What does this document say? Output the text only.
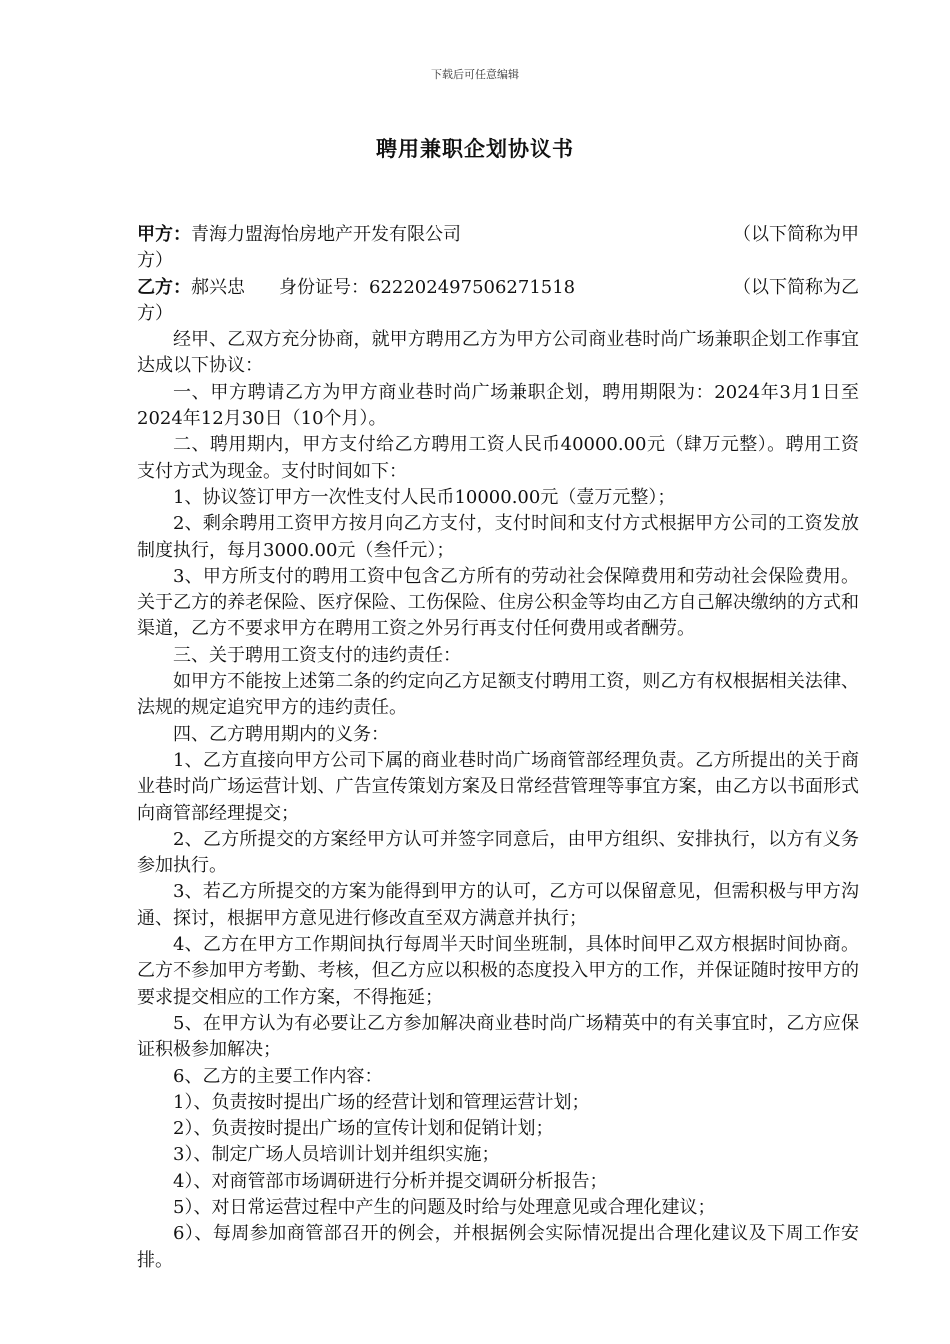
下载后可任意编辑
聘用兼职企划协议书
甲方： 青海力盟海怡房地产开发有限公司	（以下简称为甲

方）

乙方： 郝兴忠 身份证号： 622202497506271518	（以下简称为乙

方）

经甲、乙双方充分协商，就甲方聘用乙方为甲方公司商业巷时尚广场兼职企划工作事宜达成以下协议：

一、甲方聘请乙方为甲方商业巷时尚广场兼职企划，聘用期限为：2024年3月1日至2024年12月30日（10个月）。

二、聘用期内，甲方支付给乙方聘用工资人民币40000.00元（肆万元整）。聘用工资支付方式为现金。支付时间如下：

1、协议签订甲方一次性支付人民币10000.00元（壹万元整）；

2、剩余聘用工资甲方按月向乙方支付，支付时间和支付方式根据甲方公司的工资发放制度执行，每月3000.00元（叁仟元）；

3、甲方所支付的聘用工资中包含乙方所有的劳动社会保障费用和劳动社会保险费用。关于乙方的养老保险、医疗保险、工伤保险、住房公积金等均由乙方自己解决缴纳的方式和渠道，乙方不要求甲方在聘用工资之外另行再支付任何费用或者酬劳。

三、关于聘用工资支付的违约责任：

如甲方不能按上述第二条的约定向乙方足额支付聘用工资，则乙方有权根据相关法律、法规的规定追究甲方的违约责任。

四、乙方聘用期内的义务：

1、乙方直接向甲方公司下属的商业巷时尚广场商管部经理负责。乙方所提出的关于商业巷时尚广场运营计划、广告宣传策划方案及日常经营管理等事宜方案，由乙方以书面形式向商管部经理提交；

2、乙方所提交的方案经甲方认可并签字同意后，由甲方组织、安排执行，以方有义务参加执行。

3、若乙方所提交的方案为能得到甲方的认可，乙方可以保留意见，但需积极与甲方沟通、探讨，根据甲方意见进行修改直至双方满意并执行；

4、乙方在甲方工作期间执行每周半天时间坐班制，具体时间甲乙双方根据时间协商。乙方不参加甲方考勤、考核，但乙方应以积极的态度投入甲方的工作，并保证随时按甲方的要求提交相应的工作方案，不得拖延；

5、在甲方认为有必要让乙方参加解决商业巷时尚广场精英中的有关事宜时，乙方应保证积极参加解决；

6、乙方的主要工作内容：

1）、负责按时提出广场的经营计划和管理运营计划；

2）、负责按时提出广场的宣传计划和促销计划；

3）、制定广场人员培训计划并组织实施；

4）、对商管部市场调研进行分析并提交调研分析报告；

5）、对日常运营过程中产生的问题及时给与处理意见或合理化建议；

6）、每周参加商管部召开的例会，并根据例会实际情况提出合理化建议及下周工作安排。
